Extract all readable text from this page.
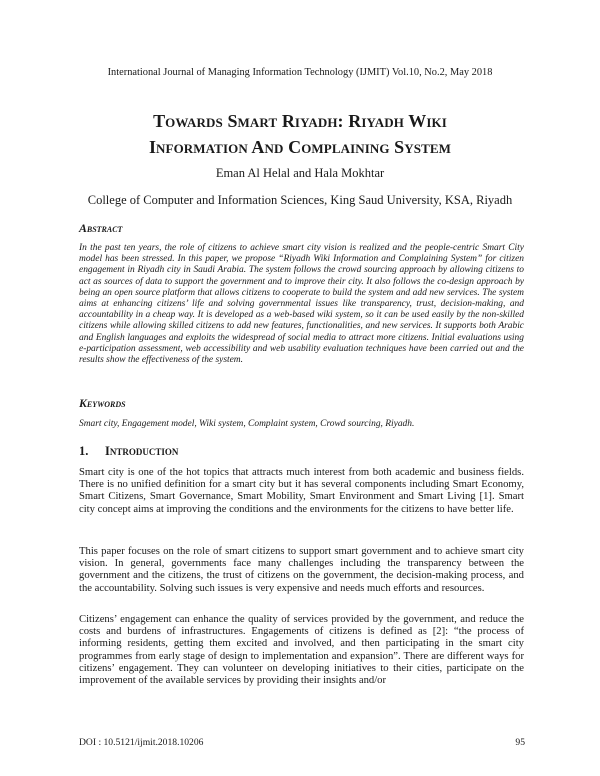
International Journal of Managing Information Technology (IJMIT) Vol.10, No.2, May 2018
Towards Smart Riyadh: Riyadh Wiki
Information And Complaining System
Eman Al Helal and Hala Mokhtar
College of Computer and Information Sciences, King Saud University, KSA, Riyadh
Abstract

In the past ten years, the role of citizens to achieve smart city vision is realized and the people-centric Smart City model has been stressed. In this paper, we propose “Riyadh Wiki Information and Complaining System” for citizen engagement in Riyadh city in Saudi Arabia. The system follows the crowd sourcing approach by allowing citizens to act as sources of data to support the government and to improve their city. It also follows the co-design approach by being an open source platform that allows citizens to cooperate to build the system and add new services. The system aims at enhancing citizens’ life and solving governmental issues like transparency, trust, decision-making, and accountability in a cheap way. It is developed as a web-based wiki system, so it can be used easily by the non-skilled citizens while allowing skilled citizens to add new features, functionalities, and new services. It supports both Arabic and English languages and exploits the widespread of social media to attract more citizens. Initial evaluations using e-participation assessment, web accessibility and web usability evaluation techniques have been carried out and the results show the effectiveness of the system.

Keywords

Smart city, Engagement model, Wiki system, Complaint system, Crowd sourcing, Riyadh.

1. Introduction

Smart city is one of the hot topics that attracts much interest from both academic and business fields. There is no unified definition for a smart city but it has several components including Smart Economy, Smart Citizens, Smart Governance, Smart Mobility, Smart Environment and Smart Living [1]. Smart city concept aims at improving the conditions and the environments for the citizens to have better life.

This paper focuses on the role of smart citizens to support smart government and to achieve smart city vision. In general, governments face many challenges including the transparency between the government and the citizens, the trust of citizens on the government, the decision-making process, and the accountability. Solving such issues is very expensive and needs much efforts and resources.

Citizens’ engagement can enhance the quality of services provided by the government, and reduce the costs and burdens of infrastructures. Engagements of citizens is defined as [2]: “the process of informing residents, getting them excited and involved, and then participating in the smart city programmes from early stage of design to implementation and expansion”. There are different ways for citizens’ engagement. They can volunteer on developing initiatives to their cities, participate on the improvement of the available services by providing their insights and/or

DOI : 10.5121/ijmit.2018.10206	95
